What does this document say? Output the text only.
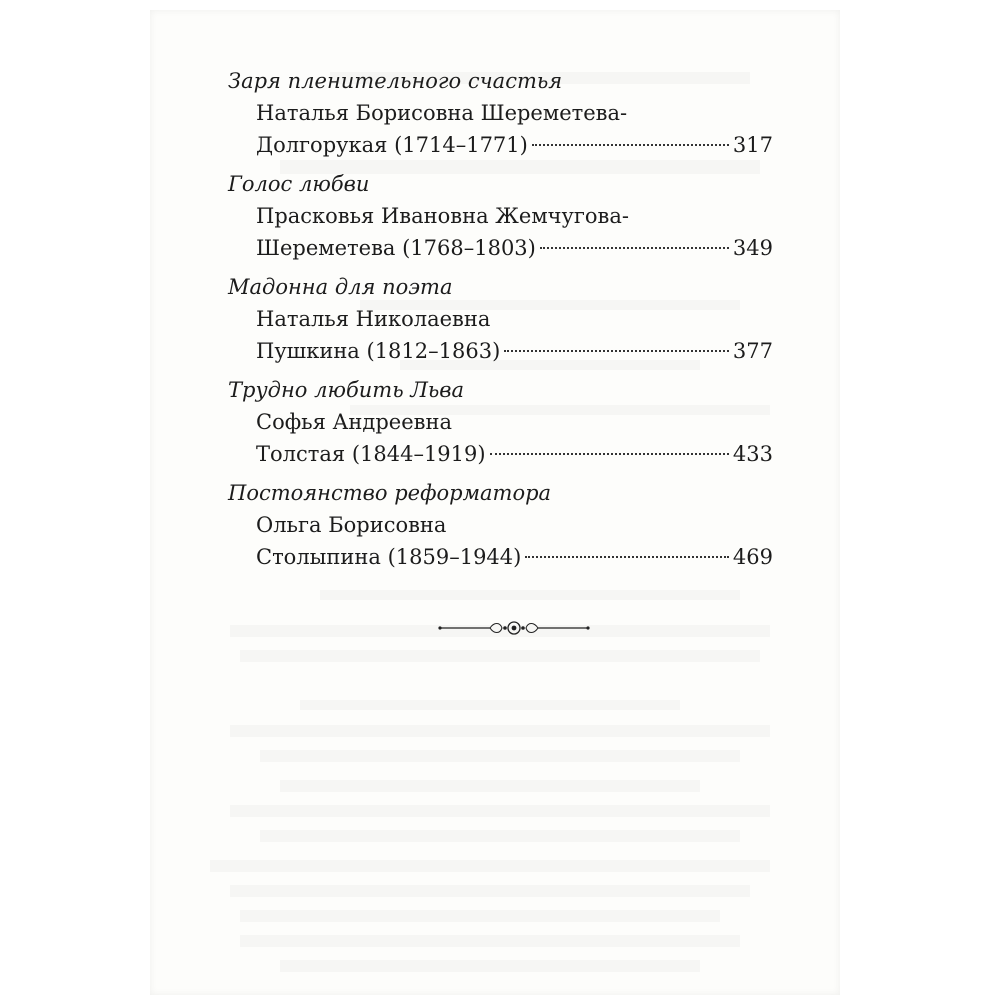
Заря пленительного счастья
Наталья Борисовна Шереметева-
Долгорукая (1714–1771)	317
Голос любви
Прасковья Ивановна Жемчугова-
Шереметева (1768–1803)	349
Мадонна для поэта
Наталья Николаевна
Пушкина (1812–1863)	377
Трудно любить Льва
Софья Андреевна
Толстая (1844–1919)	433
Постоянство реформатора
Ольга Борисовна
Столыпина (1859–1944)	469
